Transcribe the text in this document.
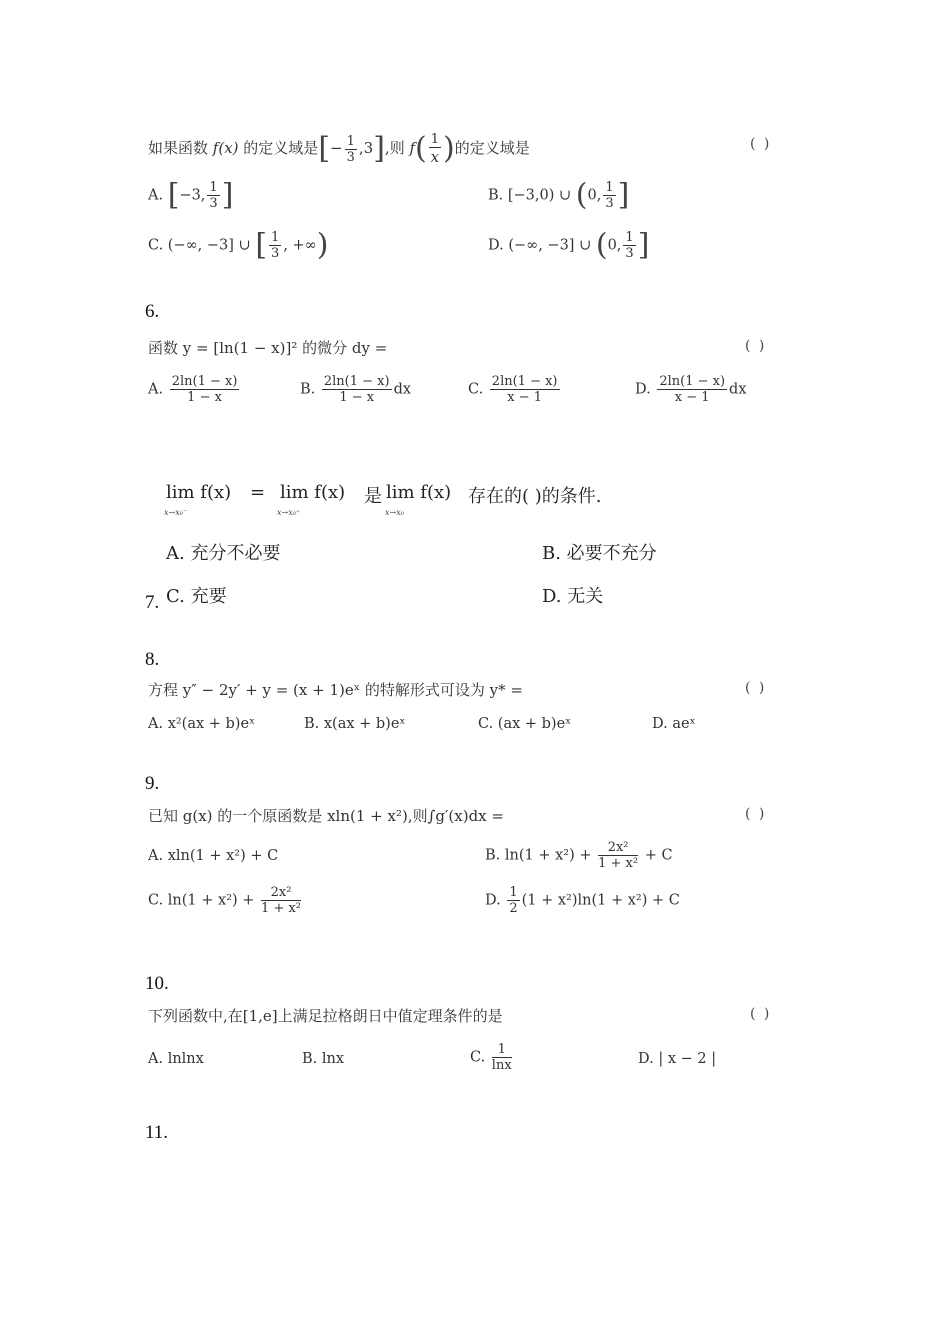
如果函数 f(x) 的定义域是[− $\frac{1}{3} ,3$],则 $f( \frac{1}{x})$的定义域是	( )
A. [−3, $\frac{1}{3}$ ]	B. [−3,0) ∪ (0, $\frac{1}{3}$ ]
C. (−∞, −3] ∪ [ $\frac{1}{3}$ , +∞)	D. (−∞, −3] ∪ (0, $\frac{1}{3}$ ]
6.
函数 y = [ln(1 − x)]² 的微分 dy =	( )
A. $\frac{2\ln(1 - x)}{1 - x}$	B. $\frac{2\ln(1 - x)}{1 - x}$ dx	C. $\frac{2\ln(1 - x)}{x - 1}$	D. $\frac{2\ln(1 - x)}{x - 1}$ dx
lim f(x)
x→x₀⁻
= lim f(x)
x→x₀⁺
是 lim f(x)
x→x₀
存在的( )的条件.
A. 充分不必要	B. 必要不充分
C. 充要	D. 无关
7.
8.
方程 y″ − 2y′ + y = (x + 1)eˣ 的特解形式可设为 y* =	( )
A. x²(ax + b)eˣ	B. x(ax + b)eˣ	C. (ax + b)eˣ	D. aeˣ
9.
已知 g(x) 的一个原函数是 xln(1 + x²),则∫g′(x)dx =	( )
A. xln(1 + x²) + C	B. $\ln(1 + x^2) + \frac{\text{2x²}}{\text{1 + x²}} + C$
C. $\ln(1 + x^2) + \frac{\text{2x²}}{\text{1 + x²}}$	D. $\frac{1}{2} (1 + x^2)\ln(1 + x^2) + C$
10.
下列函数中,在[1,e]上满足拉格朗日中值定理条件的是	( )
A. lnlnx	B. lnx	C. $\frac{1}{\ln x}$	D. | x − 2 |
11.
